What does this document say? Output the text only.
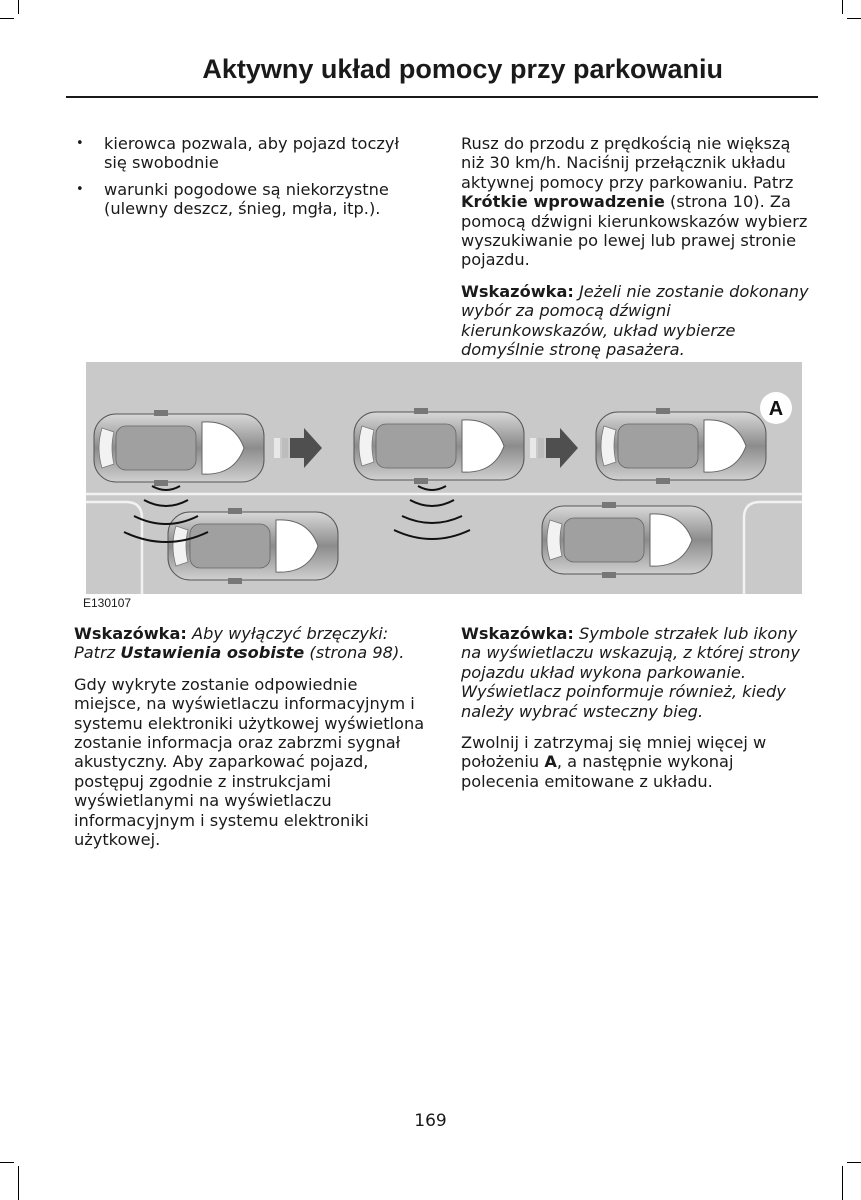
Aktywny układ pomocy przy parkowaniu
• kierowca pozwala, aby pojazd toczył się swobodnie
• warunki pogodowe są niekorzystne (ulewny deszcz, śnieg, mgła, itp.).

Rusz do przodu z prędkością nie większą niż 30 km/h. Naciśnij przełącznik układu aktywnej pomocy przy parkowaniu. Patrz Krótkie wprowadzenie (strona 10). Za pomocą dźwigni kierunkowskazów wybierz wyszukiwanie po lewej lub prawej stronie pojazdu.

Wskazówka: Jeżeli nie zostanie dokonany wybór za pomocą dźwigni kierunkowskazów, układ wybierze domyślnie stronę pasażera.

A
E130107

Wskazówka: Aby wyłączyć brzęczyki: Patrz Ustawienia osobiste (strona 98).

Gdy wykryte zostanie odpowiednie miejsce, na wyświetlaczu informacyjnym i systemu elektroniki użytkowej wyświetlona zostanie informacja oraz zabrzmi sygnał akustyczny. Aby zaparkować pojazd, postępuj zgodnie z instrukcjami wyświetlanymi na wyświetlaczu informacyjnym i systemu elektroniki użytkowej.

Wskazówka: Symbole strzałek lub ikony na wyświetlaczu wskazują, z której strony pojazdu układ wykona parkowanie. Wyświetlacz poinformuje również, kiedy należy wybrać wsteczny bieg.

Zwolnij i zatrzymaj się mniej więcej w położeniu A, a następnie wykonaj polecenia emitowane z układu.

169
